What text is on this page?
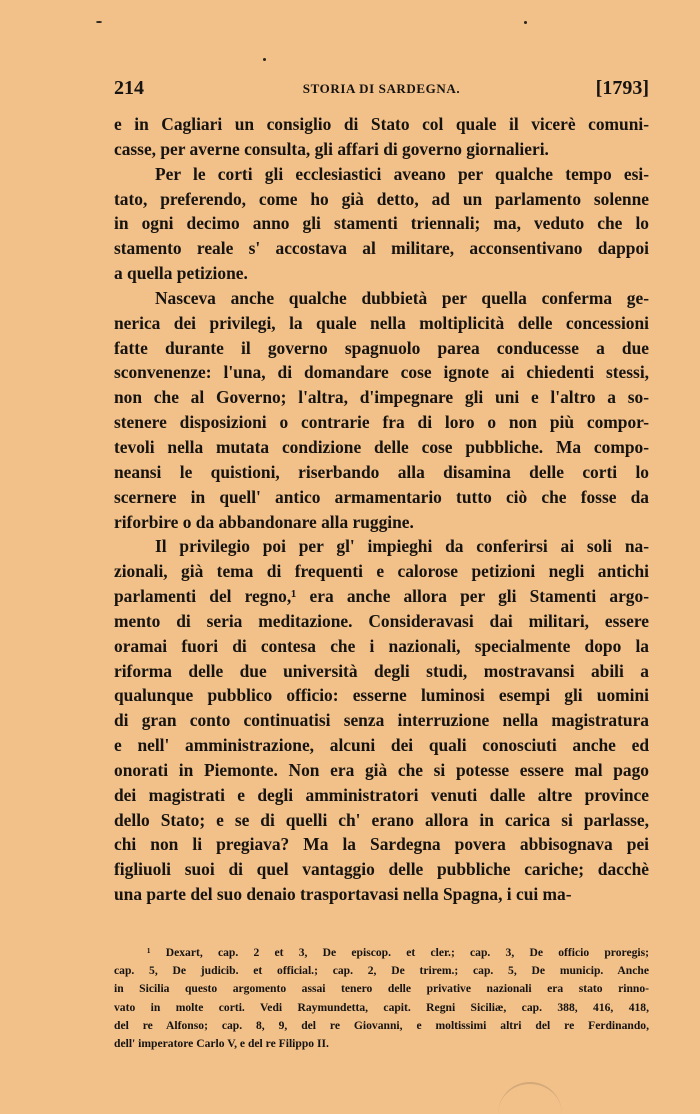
214	STORIA DI SARDEGNA.	[1793]

e in Cagliari un consiglio di Stato col quale il vicerè comuni-

casse, per averne consulta, gli affari di governo giornalieri.

Per le corti gli ecclesiastici aveano per qualche tempo esi-

tato, preferendo, come ho già detto, ad un parlamento solenne

in ogni decimo anno gli stamenti triennali; ma, veduto che lo

stamento reale s' accostava al militare, acconsentivano dappoi

a quella petizione.

Nasceva anche qualche dubbietà per quella conferma ge-

nerica dei privilegi, la quale nella moltiplicità delle concessioni

fatte durante il governo spagnuolo parea conducesse a due

sconvenenze: l'una, di domandare cose ignote ai chiedenti stessi,

non che al Governo; l'altra, d'impegnare gli uni e l'altro a so-

stenere disposizioni o contrarie fra di loro o non più compor-

tevoli nella mutata condizione delle cose pubbliche. Ma compo-

neansi le quistioni, riserbando alla disamina delle corti lo

scernere in quell' antico armamentario tutto ciò che fosse da

riforbire o da abbandonare alla ruggine.

Il privilegio poi per gl' impieghi da conferirsi ai soli na-

zionali, già tema di frequenti e calorose petizioni negli antichi

parlamenti del regno,¹ era anche allora per gli Stamenti argo-

mento di seria meditazione. Consideravasi dai militari, essere

oramai fuori di contesa che i nazionali, specialmente dopo la

riforma delle due università degli studi, mostravansi abili a

qualunque pubblico officio: esserne luminosi esempi gli uomini

di gran conto continuatisi senza interruzione nella magistratura

e nell' amministrazione, alcuni dei quali conosciuti anche ed

onorati in Piemonte. Non era già che si potesse essere mal pago

dei magistrati e degli amministratori venuti dalle altre province

dello Stato; e se di quelli ch' erano allora in carica si parlasse,

chi non li pregiava? Ma la Sardegna povera abbisognava pei

figliuoli suoi di quel vantaggio delle pubbliche cariche; dacchè

una parte del suo denaio trasportavasi nella Spagna, i cui ma-

¹ Dexart, cap. 2 et 3, De episcop. et cler.; cap. 3, De officio proregis;

cap. 5, De judicib. et official.; cap. 2, De trirem.; cap. 5, De municip. Anche

in Sicilia questo argomento assai tenero delle privative nazionali era stato rinno-

vato in molte corti. Vedi Raymundetta, capit. Regni Siciliæ, cap. 388, 416, 418,

del re Alfonso; cap. 8, 9, del re Giovanni, e moltissimi altri del re Ferdinando,

dell' imperatore Carlo V, e del re Filippo II.
